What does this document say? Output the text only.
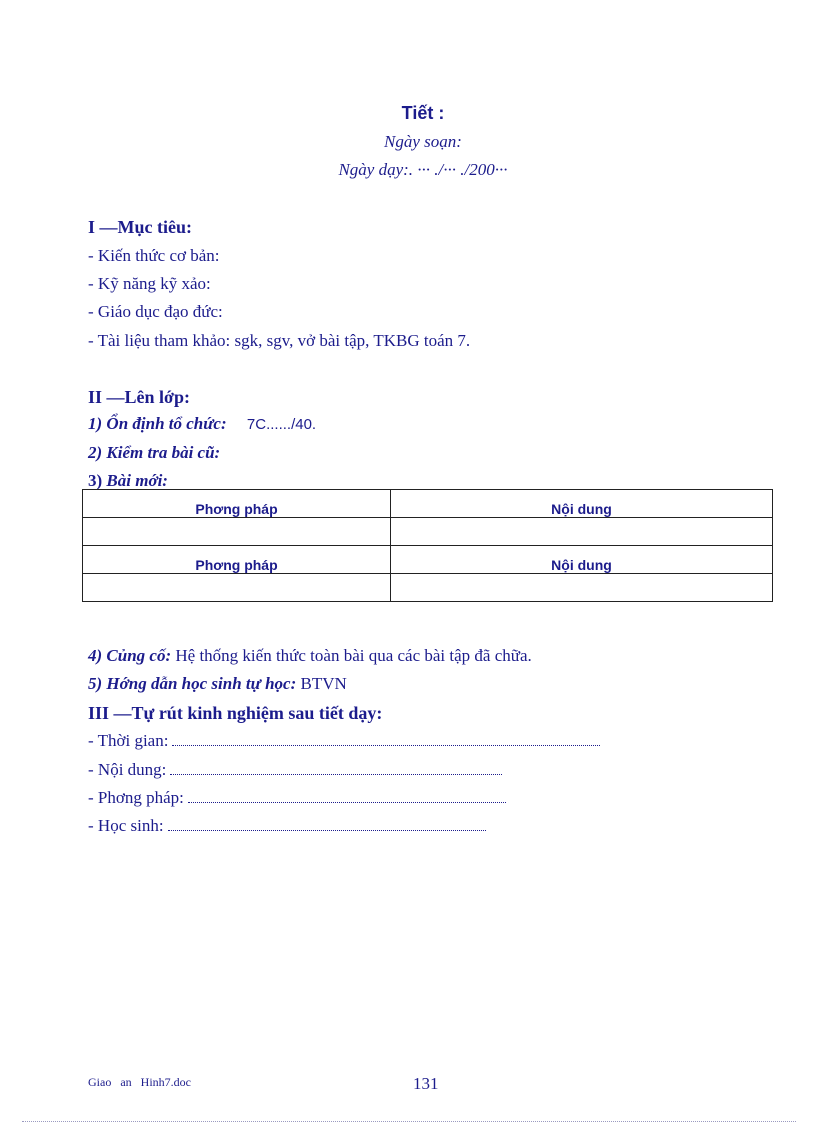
Tiết :
Ngày soạn:
Ngày dạy:. ··· ./··· ./200···
I —Mục tiêu:
- Kiến thức cơ bản:
- Kỹ năng kỹ xảo:
- Giáo dục đạo đức:
- Tài liệu tham khảo: sgk, sgv, vở bài tập, TKBG toán 7.
II —Lên lớp:
1) Ổn định tổ chức: 7C....../40.
2) Kiểm tra bài cũ:
3) Bài mới:
Phơng pháp	Nội dung

Phơng pháp	Nội dung

4) Củng cố: Hệ thống kiến thức toàn bài qua các bài tập đã chữa.
5) Hớng dẫn học sinh tự học: BTVN
III —Tự rút kinh nghiệm sau tiết dạy:
- Thời gian:
- Nội dung:
- Phơng pháp:
- Học sinh:
Giao   an   Hinh7.doc	131
